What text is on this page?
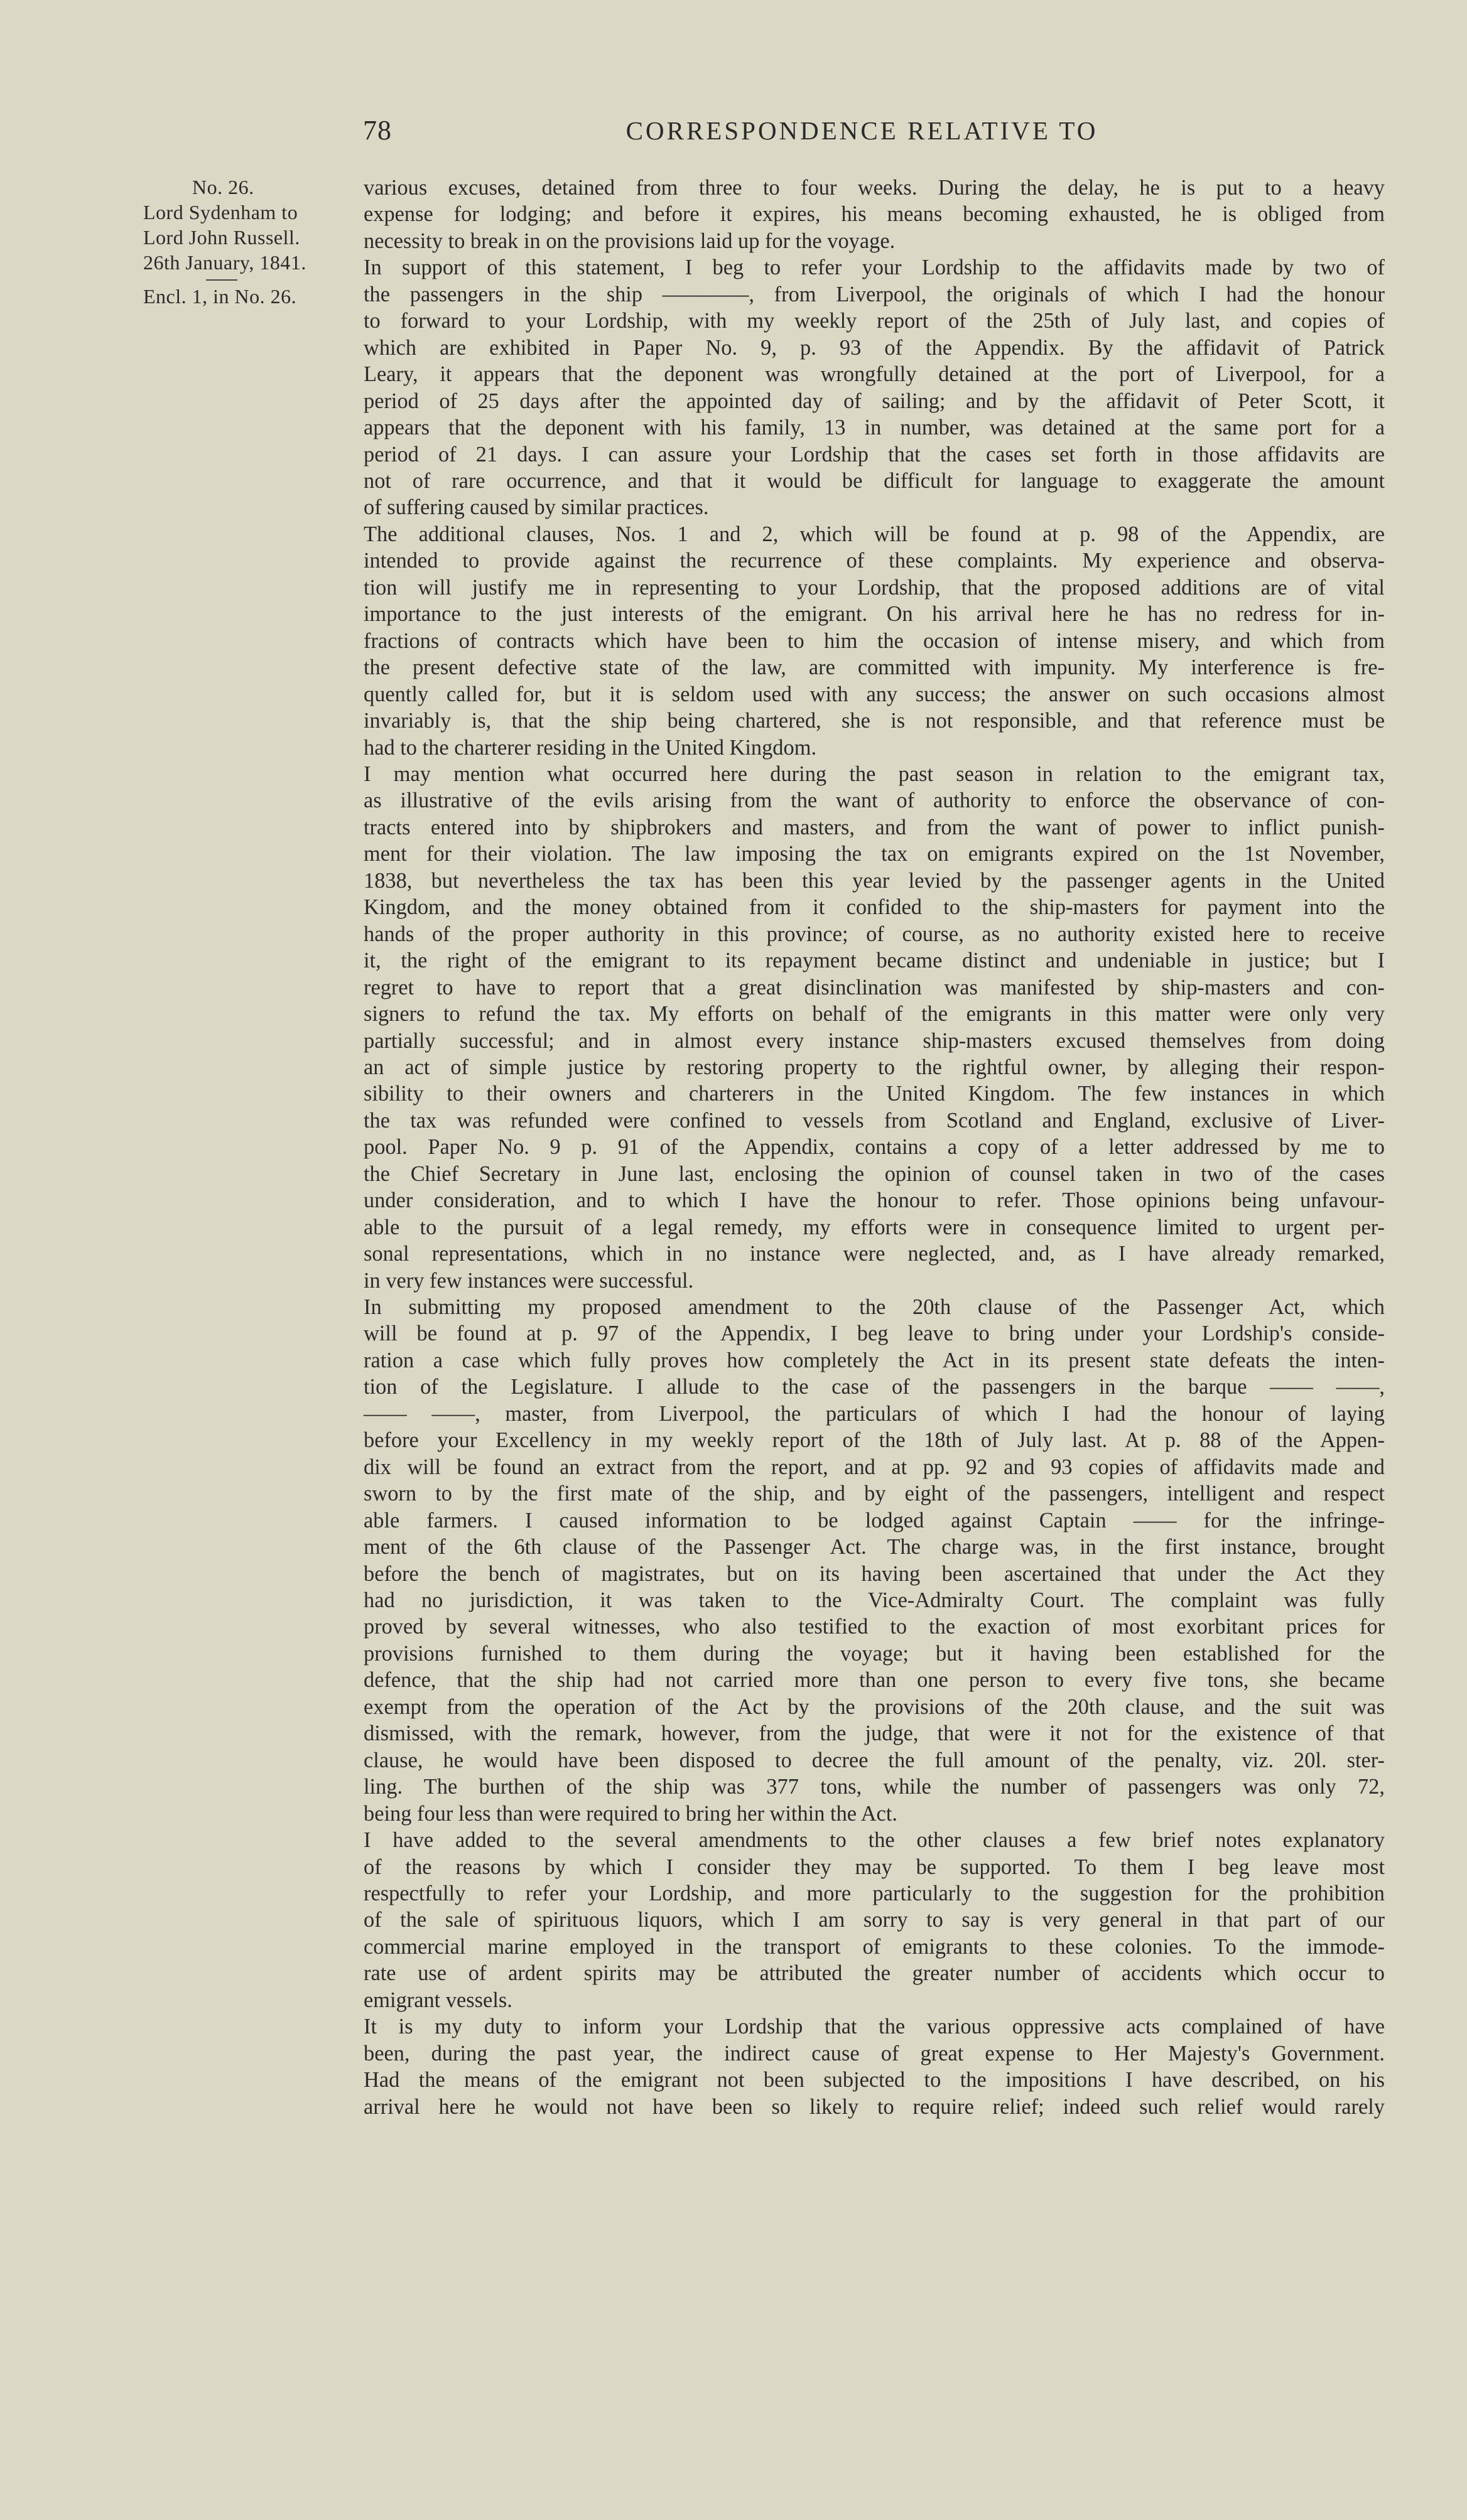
78	CORRESPONDENCE RELATIVE TO
No. 26.
Lord Sydenham to
Lord John Russell.
26th January, 1841.
Encl. 1, in No. 26.
various excuses, detained from three to four weeks. During the delay, he is put to a heavy
expense for lodging; and before it expires, his means becoming exhausted, he is obliged from
necessity to break in on the provisions laid up for the voyage.
In support of this statement, I beg to refer your Lordship to the affidavits made by two of
the passengers in the ship ————, from Liverpool, the originals of which I had the honour
to forward to your Lordship, with my weekly report of the 25th of July last, and copies of
which are exhibited in Paper No. 9, p. 93 of the Appendix. By the affidavit of Patrick
Leary, it appears that the deponent was wrongfully detained at the port of Liverpool, for a
period of 25 days after the appointed day of sailing; and by the affidavit of Peter Scott, it
appears that the deponent with his family, 13 in number, was detained at the same port for a
period of 21 days. I can assure your Lordship that the cases set forth in those affidavits are
not of rare occurrence, and that it would be difficult for language to exaggerate the amount
of suffering caused by similar practices.
The additional clauses, Nos. 1 and 2, which will be found at p. 98 of the Appendix, are
intended to provide against the recurrence of these complaints. My experience and observa-
tion will justify me in representing to your Lordship, that the proposed additions are of vital
importance to the just interests of the emigrant. On his arrival here he has no redress for in-
fractions of contracts which have been to him the occasion of intense misery, and which from
the present defective state of the law, are committed with impunity. My interference is fre-
quently called for, but it is seldom used with any success; the answer on such occasions almost
invariably is, that the ship being chartered, she is not responsible, and that reference must be
had to the charterer residing in the United Kingdom.
I may mention what occurred here during the past season in relation to the emigrant tax,
as illustrative of the evils arising from the want of authority to enforce the observance of con-
tracts entered into by shipbrokers and masters, and from the want of power to inflict punish-
ment for their violation. The law imposing the tax on emigrants expired on the 1st November,
1838, but nevertheless the tax has been this year levied by the passenger agents in the United
Kingdom, and the money obtained from it confided to the ship-masters for payment into the
hands of the proper authority in this province; of course, as no authority existed here to receive
it, the right of the emigrant to its repayment became distinct and undeniable in justice; but I
regret to have to report that a great disinclination was manifested by ship-masters and con-
signers to refund the tax. My efforts on behalf of the emigrants in this matter were only very
partially successful; and in almost every instance ship-masters excused themselves from doing
an act of simple justice by restoring property to the rightful owner, by alleging their respon-
sibility to their owners and charterers in the United Kingdom. The few instances in which
the tax was refunded were confined to vessels from Scotland and England, exclusive of Liver-
pool. Paper No. 9 p. 91 of the Appendix, contains a copy of a letter addressed by me to
the Chief Secretary in June last, enclosing the opinion of counsel taken in two of the cases
under consideration, and to which I have the honour to refer. Those opinions being unfavour-
able to the pursuit of a legal remedy, my efforts were in consequence limited to urgent per-
sonal representations, which in no instance were neglected, and, as I have already remarked,
in very few instances were successful.
In submitting my proposed amendment to the 20th clause of the Passenger Act, which
will be found at p. 97 of the Appendix, I beg leave to bring under your Lordship's conside-
ration a case which fully proves how completely the Act in its present state defeats the inten-
tion of the Legislature. I allude to the case of the passengers in the barque —— ——,
—— ——, master, from Liverpool, the particulars of which I had the honour of laying
before your Excellency in my weekly report of the 18th of July last. At p. 88 of the Appen-
dix will be found an extract from the report, and at pp. 92 and 93 copies of affidavits made and
sworn to by the first mate of the ship, and by eight of the passengers, intelligent and respect
able farmers. I caused information to be lodged against Captain —— for the infringe-
ment of the 6th clause of the Passenger Act. The charge was, in the first instance, brought
before the bench of magistrates, but on its having been ascertained that under the Act they
had no jurisdiction, it was taken to the Vice-Admiralty Court. The complaint was fully
proved by several witnesses, who also testified to the exaction of most exorbitant prices for
provisions furnished to them during the voyage; but it having been established for the
defence, that the ship had not carried more than one person to every five tons, she became
exempt from the operation of the Act by the provisions of the 20th clause, and the suit was
dismissed, with the remark, however, from the judge, that were it not for the existence of that
clause, he would have been disposed to decree the full amount of the penalty, viz. 20l. ster-
ling. The burthen of the ship was 377 tons, while the number of passengers was only 72,
being four less than were required to bring her within the Act.
I have added to the several amendments to the other clauses a few brief notes explanatory
of the reasons by which I consider they may be supported. To them I beg leave most
respectfully to refer your Lordship, and more particularly to the suggestion for the prohibition
of the sale of spirituous liquors, which I am sorry to say is very general in that part of our
commercial marine employed in the transport of emigrants to these colonies. To the immode-
rate use of ardent spirits may be attributed the greater number of accidents which occur to
emigrant vessels.
It is my duty to inform your Lordship that the various oppressive acts complained of have
been, during the past year, the indirect cause of great expense to Her Majesty's Government.
Had the means of the emigrant not been subjected to the impositions I have described, on his
arrival here he would not have been so likely to require relief; indeed such relief would rarely
